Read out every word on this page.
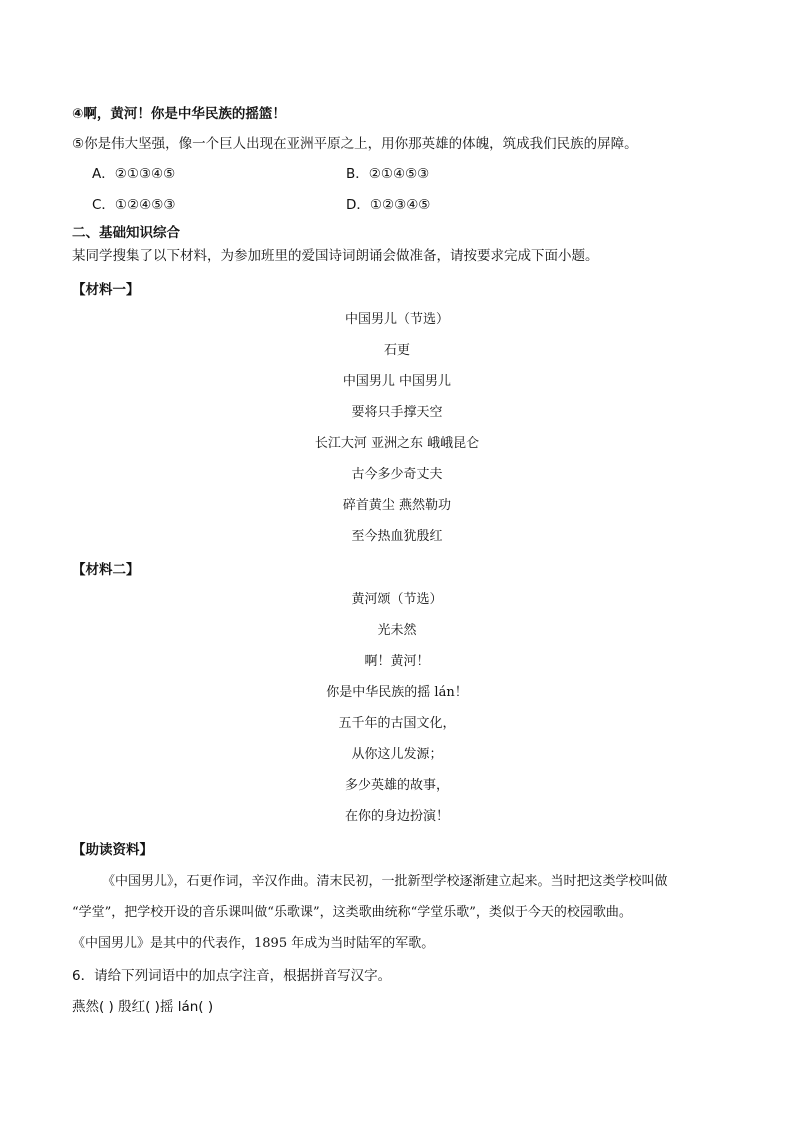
④啊，黄河！你是中华民族的摇篮！
⑤你是伟大坚强，像一个巨人出现在亚洲平原之上，用你那英雄的体魄，筑成我们民族的屏障。
A．②①③④⑤	B．②①④⑤③
C．①②④⑤③	D．①②③④⑤
二、基础知识综合
某同学搜集了以下材料，为参加班里的爱国诗词朗诵会做准备，请按要求完成下面小题。
【材料一】
中国男儿（节选）
石更
中国男儿 中国男儿
要将只手撑天空
长江大河 亚洲之东 峨峨昆仑
古今多少奇丈夫
碎首黄尘 燕然勒功
至今热血犹殷红
【材料二】
黄河颂（节选）
光未然
啊！黄河！
你是中华民族的摇 lán！
五千年的古国文化，
从你这儿发源；
多少英雄的故事，
在你的身边扮演！
【助读资料】
《中国男儿》，石更作词，辛汉作曲。清末民初，一批新型学校逐渐建立起来。当时把这类学校叫做
“学堂”，把学校开设的音乐课叫做“乐歌课”，这类歌曲统称“学堂乐歌”，类似于今天的校园歌曲。
《中国男儿》是其中的代表作，1895 年成为当时陆军的军歌。
6．请给下列词语中的加点字注音，根据拼音写汉字。
燕然( ) 殷红( )摇 lán( )
